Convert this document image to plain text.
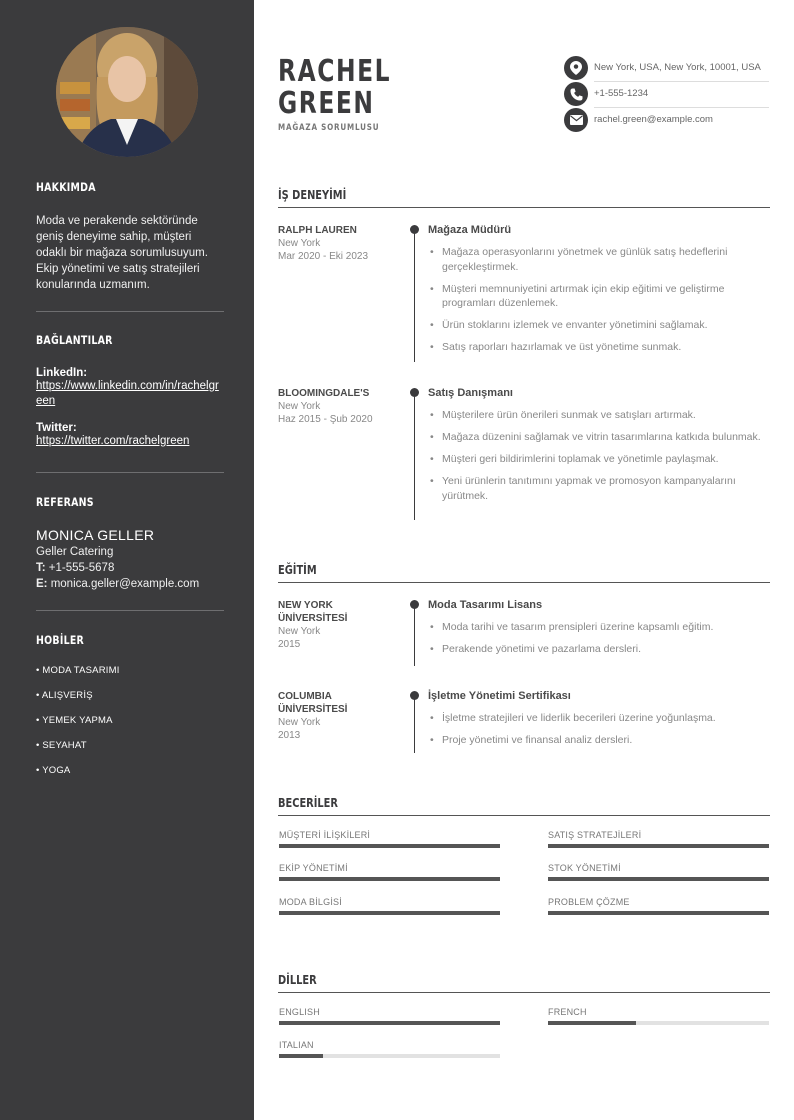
HAKKIMDA
Moda ve perakende sektöründe geniş deneyime sahip, müşteri odaklı bir mağaza sorumlusuyum. Ekip yönetimi ve satış stratejileri konularında uzmanım.
BAĞLANTILAR
LinkedIn:
https://www.linkedin.com/in/rachelgreen
Twitter:
https://twitter.com/rachelgreen
REFERANS
MONICA GELLER
Geller Catering
T: +1-555-5678
E: monica.geller@example.com
HOBİLER
• MODA TASARIMI
• ALIŞVERİŞ
• YEMEK YAPMA
• SEYAHAT
• YOGA
RACHEL
GREEN
MAĞAZA SORUMLUSU
New York, USA, New York, 10001, USA
+1-555-1234
rachel.green@example.com
İŞ DENEYİMİ
RALPH LAUREN
New York
Mar 2020 - Eki 2023
Mağaza Müdürü
• Mağaza operasyonlarını yönetmek ve günlük satış hedeflerini gerçekleştirmek.
• Müşteri memnuniyetini artırmak için ekip eğitimi ve geliştirme programları düzenlemek.
• Ürün stoklarını izlemek ve envanter yönetimini sağlamak.
• Satış raporları hazırlamak ve üst yönetime sunmak.
BLOOMINGDALE'S
New York
Haz 2015 - Şub 2020
Satış Danışmanı
• Müşterilere ürün önerileri sunmak ve satışları artırmak.
• Mağaza düzenini sağlamak ve vitrin tasarımlarına katkıda bulunmak.
• Müşteri geri bildirimlerini toplamak ve yönetimle paylaşmak.
• Yeni ürünlerin tanıtımını yapmak ve promosyon kampanyalarını yürütmek.
EĞİTİM
NEW YORK
ÜNİVERSİTESİ
New York
2015
Moda Tasarımı Lisans
• Moda tarihi ve tasarım prensipleri üzerine kapsamlı eğitim.
• Perakende yönetimi ve pazarlama dersleri.
COLUMBIA
ÜNİVERSİTESİ
New York
2013
İşletme Yönetimi Sertifikası
• İşletme stratejileri ve liderlik becerileri üzerine yoğunlaşma.
• Proje yönetimi ve finansal analiz dersleri.
BECERİLER
MÜŞTERİ İLİŞKİLERİ	SATIŞ STRATEJİLERİ
EKİP YÖNETİMİ	STOK YÖNETİMİ
MODA BİLGİSİ	PROBLEM ÇÖZME
DİLLER
ENGLISH	FRENCH
ITALIAN
